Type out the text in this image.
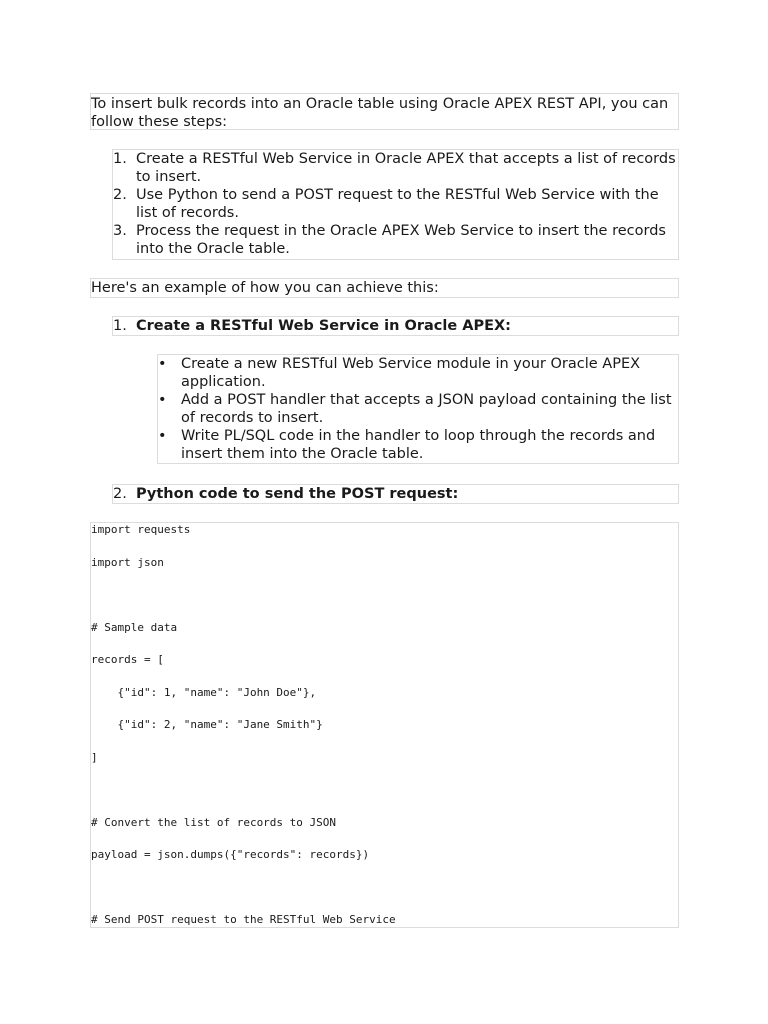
To insert bulk records into an Oracle table using Oracle APEX REST API, you can follow these steps:

1. Create a RESTful Web Service in Oracle APEX that accepts a list of records to insert.
2. Use Python to send a POST request to the RESTful Web Service with the list of records.
3. Process the request in the Oracle APEX Web Service to insert the records into the Oracle table.

Here's an example of how you can achieve this:

1. Create a RESTful Web Service in Oracle APEX:
• Create a new RESTful Web Service module in your Oracle APEX application.
• Add a POST handler that accepts a JSON payload containing the list of records to insert.
• Write PL/SQL code in the handler to loop through the records and insert them into the Oracle table.
2. Python code to send the POST request:
import requests
import json
# Sample data
records = [
{"id": 1, "name": "John Doe"},
{"id": 2, "name": "Jane Smith"}
]
# Convert the list of records to JSON
payload = json.dumps({"records": records})
# Send POST request to the RESTful Web Service
